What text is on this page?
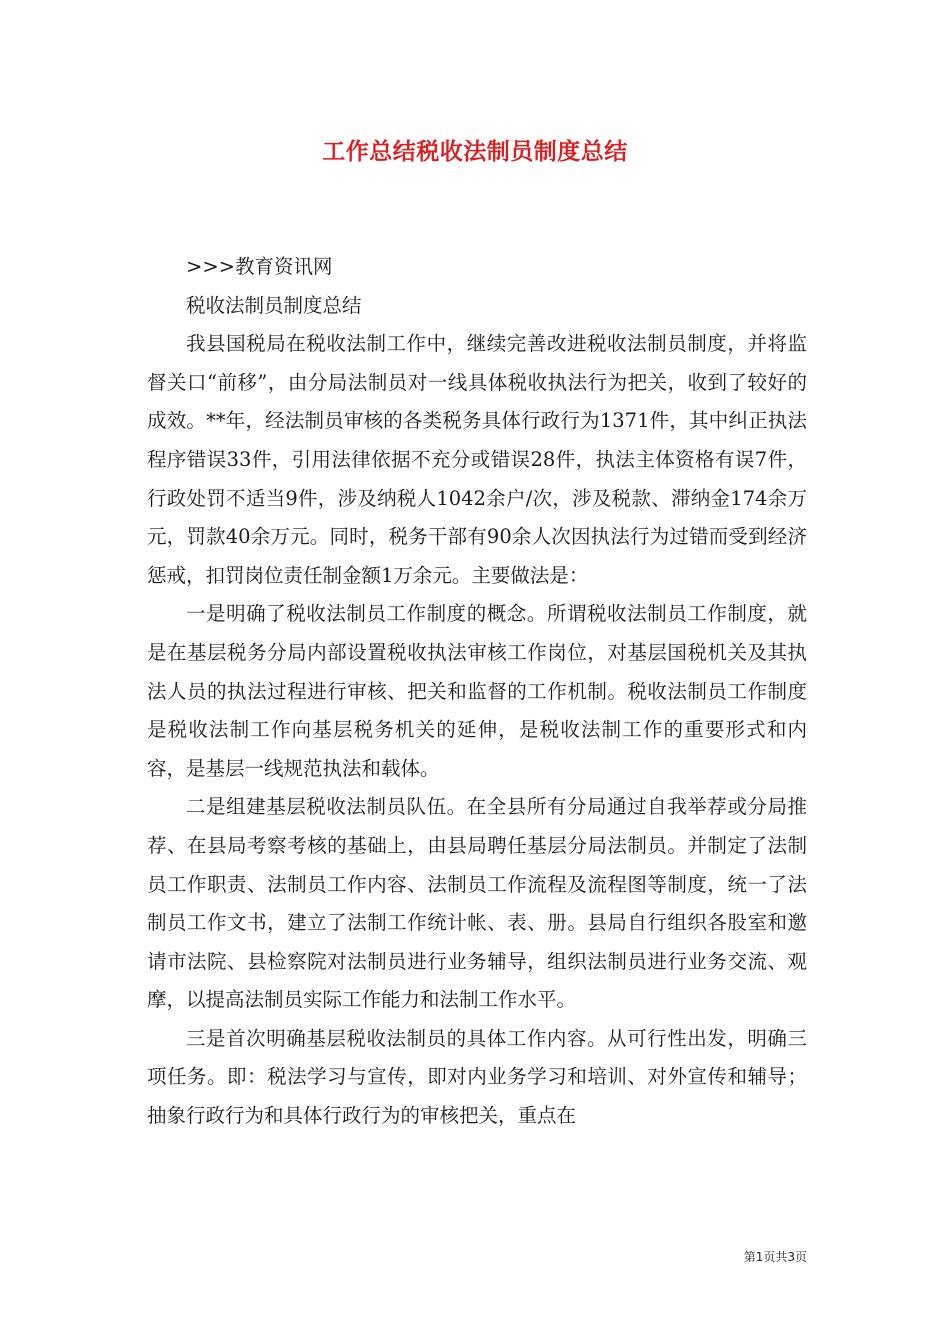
工作总结税收法制员制度总结

>>>教育资讯网

税收法制员制度总结

我县国税局在税收法制工作中，继续完善改进税收法制员制度，并将监督关口“前移”，由分局法制员对一线具体税收执法行为把关，收到了较好的成效。**年，经法制员审核的各类税务具体行政行为1371件，其中纠正执法程序错误33件，引用法律依据不充分或错误28件，执法主体资格有误7件，行政处罚不适当9件，涉及纳税人1042余户/次，涉及税款、滞纳金174余万元，罚款40余万元。同时，税务干部有90余人次因执法行为过错而受到经济惩戒，扣罚岗位责任制金额1万余元。主要做法是：

一是明确了税收法制员工作制度的概念。所谓税收法制员工作制度，就是在基层税务分局内部设置税收执法审核工作岗位，对基层国税机关及其执法人员的执法过程进行审核、把关和监督的工作机制。税收法制员工作制度是税收法制工作向基层税务机关的延伸，是税收法制工作的重要形式和内容，是基层一线规范执法和载体。

二是组建基层税收法制员队伍。在全县所有分局通过自我举荐或分局推荐、在县局考察考核的基础上，由县局聘任基层分局法制员。并制定了法制员工作职责、法制员工作内容、法制员工作流程及流程图等制度，统一了法制员工作文书，建立了法制工作统计帐、表、册。县局自行组织各股室和邀请市法院、县检察院对法制员进行业务辅导，组织法制员进行业务交流、观摩，以提高法制员实际工作能力和法制工作水平。

三是首次明确基层税收法制员的具体工作内容。从可行性出发，明确三项任务。即：税法学习与宣传，即对内业务学习和培训、对外宣传和辅导；抽象行政行为和具体行政行为的审核把关，重点在

第1页共3页
